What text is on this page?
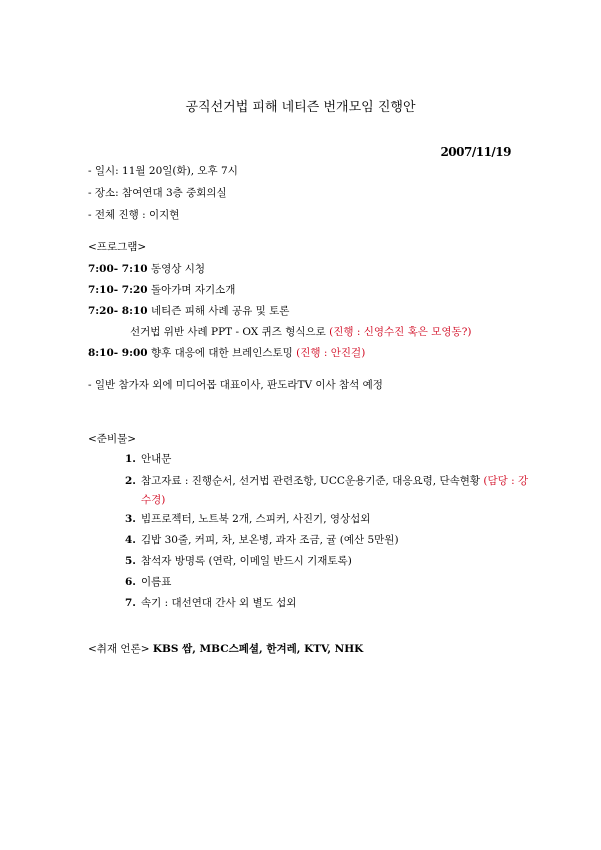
공직선거법 피해 네티즌 번개모임 진행안
2007/11/19
- 일시: 11월 20일(화), 오후 7시
- 장소: 참여연대 3층 중회의실
- 전체 진행 : 이지현
<프로그램>
7:00- 7:10 동영상 시청
7:10- 7:20 돌아가며 자기소개
7:20- 8:10 네티즌 피해 사례 공유 및 토론
선거법 위반 사례 PPT - OX 퀴즈 형식으로 (진행 : 신영수진 혹은 모영동?)
8:10- 9:00 향후 대응에 대한 브레인스토밍 (진행 : 안진걸)
- 일반 참가자 외에 미디어몹 대표이사, 판도라TV 이사 참석 예정
<준비물>
1. 안내문
2. 참고자료 : 진행순서, 선거법 관련조항, UCC운용기준, 대응요령, 단속현황 (담당 : 강
수경)
3. 빔프로젝터, 노트북 2개, 스피커, 사진기, 영상섭외
4. 김밥 30줄, 커피, 차, 보온병, 과자 조금, 귤 (예산 5만원)
5. 참석자 방명록 (연락, 이메일 반드시 기재토록)
6. 이름표
7. 속기 : 대선연대 간사 외 별도 섭외
<취재 언론> KBS 쌈, MBC스페셜, 한겨레, KTV, NHK
